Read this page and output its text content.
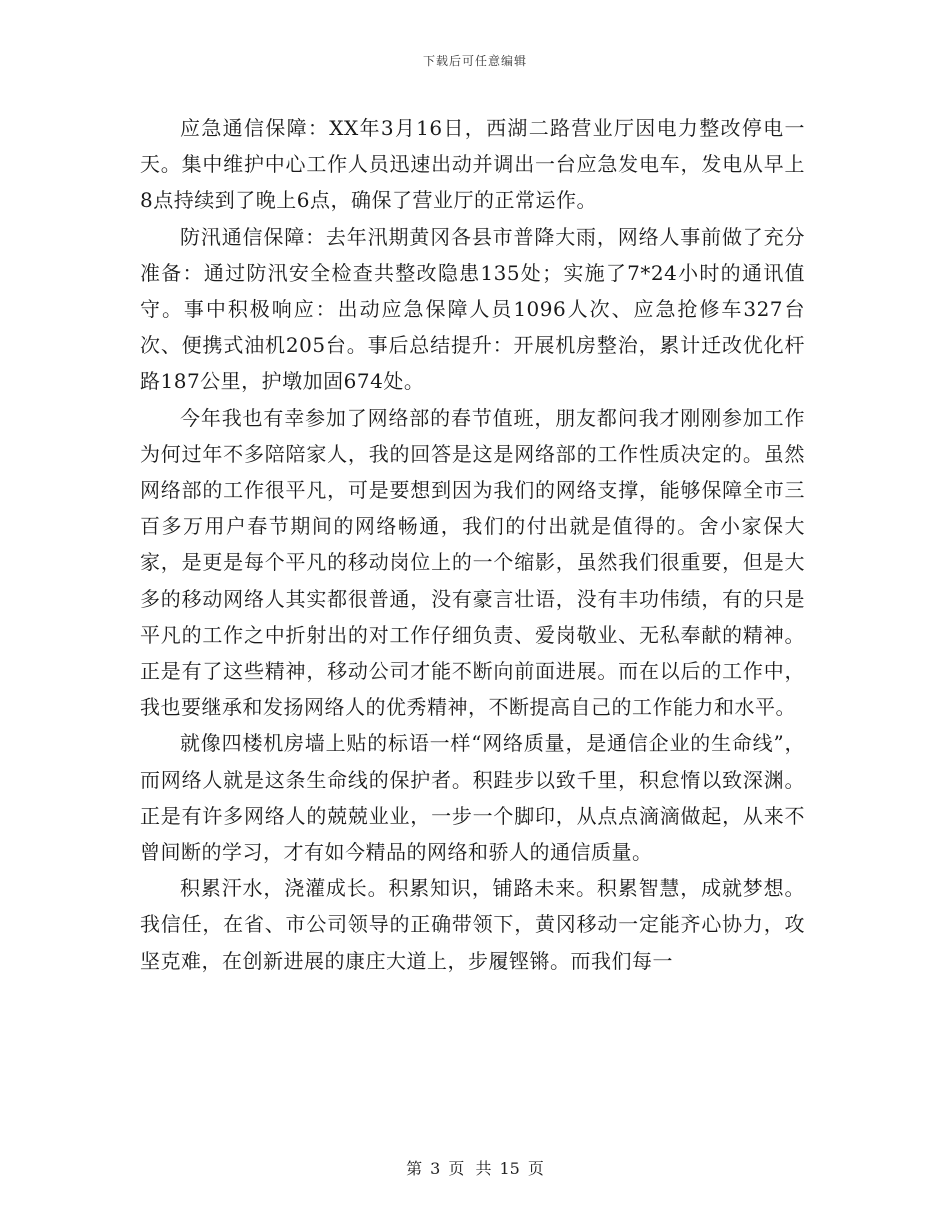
下载后可任意编辑

应急通信保障：XX年3月16日，西湖二路营业厅因电力整改停电一天。集中维护中心工作人员迅速出动并调出一台应急发电车，发电从早上8点持续到了晚上6点，确保了营业厅的正常运作。

防汛通信保障：去年汛期黄冈各县市普降大雨，网络人事前做了充分准备：通过防汛安全检查共整改隐患135处；实施了7*24小时的通讯值守。事中积极响应：出动应急保障人员1096人次、应急抢修车327台次、便携式油机205台。事后总结提升：开展机房整治，累计迁改优化杆路187公里，护墩加固674处。

今年我也有幸参加了网络部的春节值班，朋友都问我才刚刚参加工作为何过年不多陪陪家人，我的回答是这是网络部的工作性质决定的。虽然网络部的工作很平凡，可是要想到因为我们的网络支撑，能够保障全市三百多万用户春节期间的网络畅通，我们的付出就是值得的。舍小家保大家，是更是每个平凡的移动岗位上的一个缩影，虽然我们很重要，但是大多的移动网络人其实都很普通，没有豪言壮语，没有丰功伟绩，有的只是平凡的工作之中折射出的对工作仔细负责、爱岗敬业、无私奉献的精神。正是有了这些精神，移动公司才能不断向前面进展。而在以后的工作中，我也要继承和发扬网络人的优秀精神，不断提高自己的工作能力和水平。

就像四楼机房墙上贴的标语一样“网络质量，是通信企业的生命线”，而网络人就是这条生命线的保护者。积跬步以致千里，积怠惰以致深渊。正是有许多网络人的兢兢业业，一步一个脚印，从点点滴滴做起，从来不曾间断的学习，才有如今精品的网络和骄人的通信质量。

积累汗水，浇灌成长。积累知识，铺路未来。积累智慧，成就梦想。我信任，在省、市公司领导的正确带领下，黄冈移动一定能齐心协力，攻坚克难，在创新进展的康庄大道上，步履铿锵。而我们每一

第 3 页 共 15 页
